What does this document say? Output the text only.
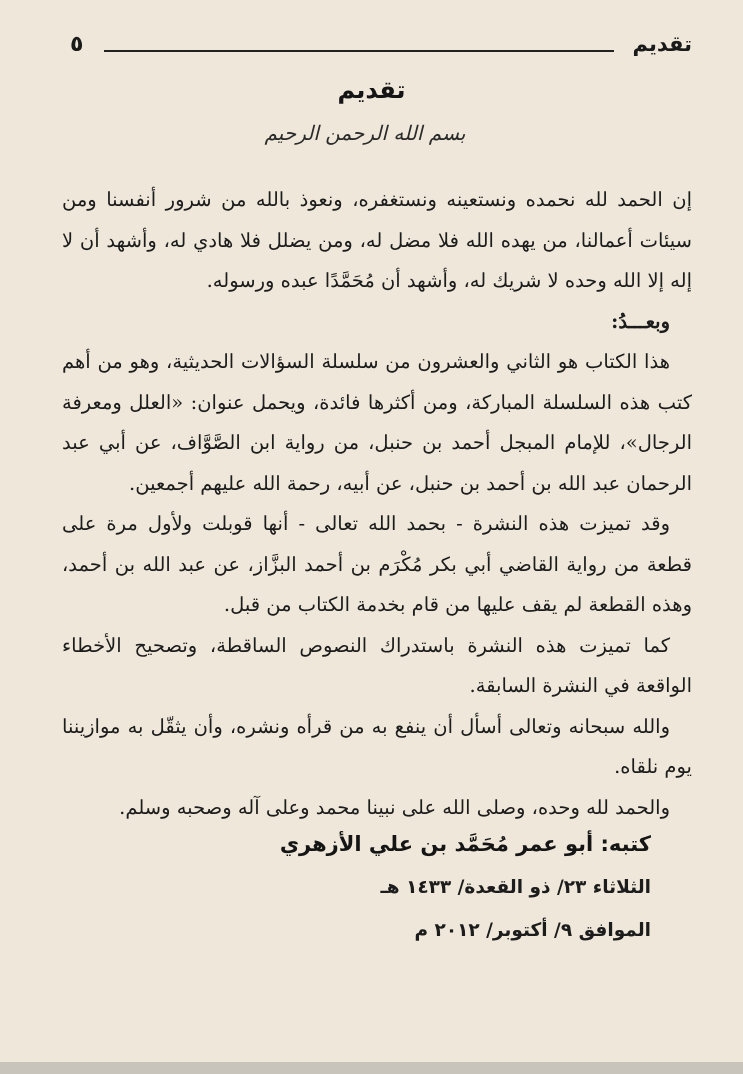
٥	تقديم
تقديم
بسم الله الرحمن الرحيم

إن الحمد لله نحمده ونستعينه ونستغفره، ونعوذ بالله من شرور أنفسنا ومن سيئات أعمالنا، من يهده الله فلا مضل له، ومن يضلل فلا هادي له، وأشهد أن لا إله إلا الله وحده لا شريك له، وأشهد أن مُحَمَّدًا عبده ورسوله.

وبعـــدُ:

هذا الكتاب هو الثاني والعشرون من سلسلة السؤالات الحديثية، وهو من أهم كتب هذه السلسلة المباركة، ومن أكثرها فائدة، ويحمل عنوان: «العلل ومعرفة الرجال»، للإمام المبجل أحمد بن حنبل، من رواية ابن الصَّوَّاف، عن أبي عبد الرحمان عبد الله بن أحمد بن حنبل، عن أبيه، رحمة الله عليهم أجمعين.

وقد تميزت هذه النشرة - بحمد الله تعالى - أنها قوبلت ولأول مرة على قطعة من رواية القاضي أبي بكر مُكْرَم بن أحمد البزَّاز، عن عبد الله بن أحمد، وهذه القطعة لم يقف عليها من قام بخدمة الكتاب من قبل.

كما تميزت هذه النشرة باستدراك النصوص الساقطة، وتصحيح الأخطاء الواقعة في النشرة السابقة.

والله سبحانه وتعالى أسأل أن ينفع به من قرأه ونشره، وأن يثقّل به موازيننا يوم نلقاه.

والحمد لله وحده، وصلى الله على نبينا محمد وعلى آله وصحبه وسلم.

كتبه: أبو عمر مُحَمَّد بن علي الأزهري
الثلاثاء ٢٣/ ذو القعدة/ ١٤٣٣ هـ
الموافق ٩/ أكتوبر/ ٢٠١٢ م
